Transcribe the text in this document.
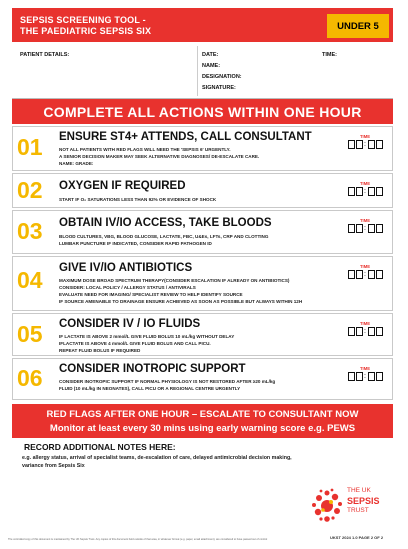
SEPSIS SCREENING TOOL -
THE PAEDIATRIC SEPSIS SIX	UNDER 5
PATIENT DETAILS:	DATE:	TIME:
NAME:
DESIGNATION:
SIGNATURE:
COMPLETE ALL ACTIONS WITHIN ONE HOUR
01 ENSURE ST4+ ATTENDS, CALL CONSULTANT
NOT ALL PATIENTS WITH RED FLAGS WILL NEED THE 'SEPSIS 6' URGENTLY.
A SENIOR DECISION MAKER MAY SEEK ALTERNATIVE DIAGNOSES/ DE-ESCALATE CARE.
NAME: GRADE:
TIME
:
02 OXYGEN IF REQUIRED
START IF O₂ SATURATIONS LESS THAN 92% OR EVIDENCE OF SHOCK
TIME
:
03 OBTAIN IV/IO ACCESS, TAKE BLOODS
BLOOD CULTURES, VBG, BLOOD GLUCOSE, LACTATE, FBC, U&Es, LFTs, CRP AND CLOTTING
LUMBAR PUNCTURE IF INDICATED, CONSIDER RAPID PATHOGEN ID
TIME
:
04 GIVE IV/IO ANTIBIOTICS
MAXIMUM DOSE BROAD SPECTRUM THERAPY(CONSIDER ESCALATION IF ALREADY ON ANTIBIOTICS)
CONSIDER: LOCAL POLICY / ALLERGY STATUS / ANTIVIRALS
EVALUATE NEED FOR IMAGING/ SPECIALIST REVIEW TO HELP IDENTIFY SOURCE
IF SOURCE AMENABLE TO DRAINAGE ENSURE ACHIEVED AS SOON AS POSSIBLE BUT ALWAYS WITHIN 12H
TIME
:
05 CONSIDER IV / IO FLUIDS
IF LACTATE IS ABOVE 2 mmol/L GIVE FLUID BOLUS 10 mL/kg WITHOUT DELAY
IFLACTATE IS ABOVE 4 mmol/L GIVE FLUID BOLUS AND CALL PICU.
REPEAT FLUID BOLUS IF REQUIRED
TIME
:
06 CONSIDER INOTROPIC SUPPORT
CONSIDER INOTROPIC SUPPORT IF NORMAL PHYSIOLOGY IS NOT RESTORED AFTER ≥20 mL/kg
FLUID (10 mL/kg IN NEONATES), CALL PICU OR A REGIONAL CENTRE URGENTLY
TIME
:
RED FLAGS AFTER ONE HOUR – ESCALATE TO CONSULTANT NOW
Monitor at least every 30 mins using early warning score e.g. PEWS
RECORD ADDITIONAL NOTES HERE:
e.g. allergy status, arrival of specialist teams, de-escalation of care, delayed antimicrobial decision making, variance from Sepsis Six
THE UK
SEPSIS
TRUST
UKST 2024 1.0 PAGE 2 OF 2
The controlled copy of this document is maintained by The UK Sepsis Trust. Any copies of this document held outside of that area, in whatever format (e.g. paper, email attachment), are considered to have passed out of control
